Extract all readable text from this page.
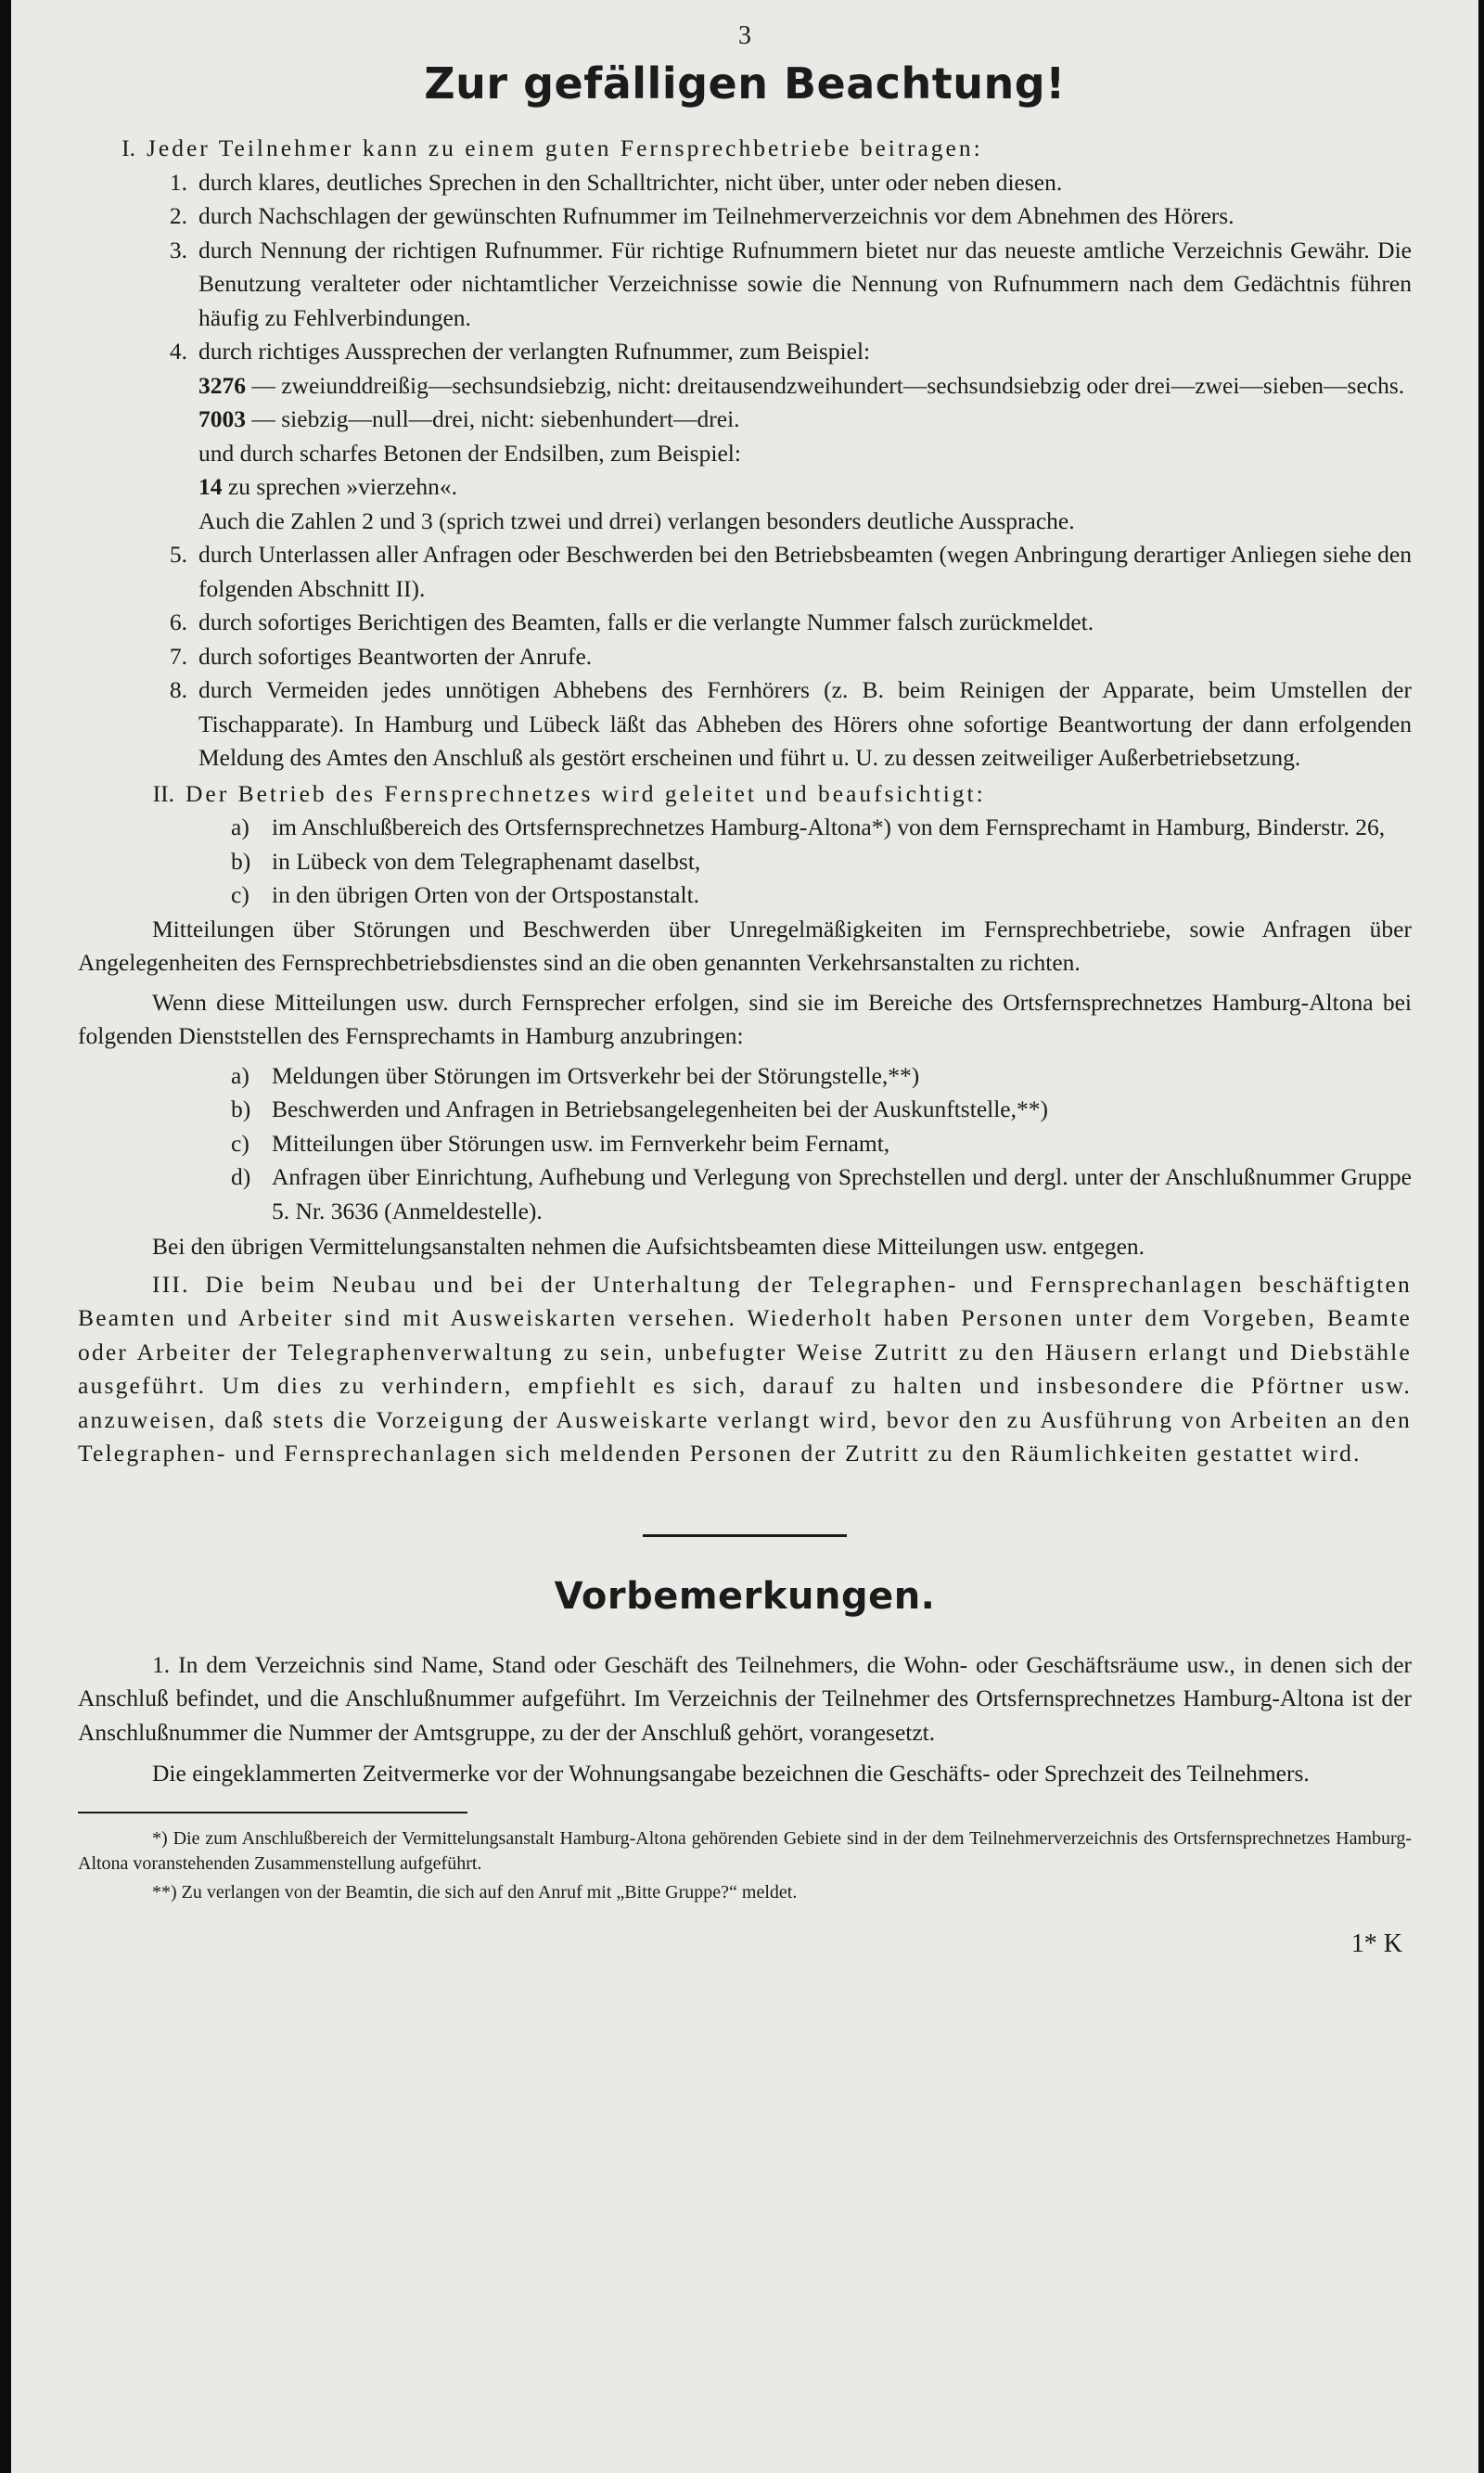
3
Zur gefälligen Beachtung!
I. Jeder Teilnehmer kann zu einem guten Fernsprechbetriebe beitragen:
1. durch klares, deutliches Sprechen in den Schalltrichter, nicht über, unter oder neben diesen.
2. durch Nachschlagen der gewünschten Rufnummer im Teilnehmerverzeichnis vor dem Abnehmen des Hörers.
3. durch Nennung der richtigen Rufnummer. Für richtige Rufnummern bietet nur das neueste amtliche Verzeichnis Gewähr. Die Benutzung veralteter oder nichtamtlicher Verzeichnisse sowie die Nennung von Rufnummern nach dem Gedächtnis führen häufig zu Fehlverbindungen.
4. durch richtiges Aussprechen der verlangten Rufnummer, zum Beispiel:
3276 — zweiunddreißig—sechsundsiebzig, nicht: dreitausendzweihundert—sechsundsiebzig oder drei—zwei—sieben—sechs.
7003 — siebzig—null—drei, nicht: siebenhundert—drei.
und durch scharfes Betonen der Endsilben, zum Beispiel:
14 zu sprechen »vierzehn«.
Auch die Zahlen 2 und 3 (sprich tzwei und drrei) verlangen besonders deutliche Aussprache.
5. durch Unterlassen aller Anfragen oder Beschwerden bei den Betriebsbeamten (wegen Anbringung derartiger Anliegen siehe den folgenden Abschnitt II).
6. durch sofortiges Berichtigen des Beamten, falls er die verlangte Nummer falsch zurückmeldet.
7. durch sofortiges Beantworten der Anrufe.
8. durch Vermeiden jedes unnötigen Abhebens des Fernhörers (z. B. beim Reinigen der Apparate, beim Umstellen der Tischapparate). In Hamburg und Lübeck läßt das Abheben des Hörers ohne sofortige Beantwortung der dann erfolgenden Meldung des Amtes den Anschluß als gestört erscheinen und führt u. U. zu dessen zeitweiliger Außerbetriebsetzung.
II. Der Betrieb des Fernsprechnetzes wird geleitet und beaufsichtigt:
a) im Anschlußbereich des Ortsfernsprechnetzes Hamburg-Altona*) von dem Fernsprechamt in Hamburg, Binderstr. 26,
b) in Lübeck von dem Telegraphenamt daselbst,
c) in den übrigen Orten von der Ortspostanstalt.

Mitteilungen über Störungen und Beschwerden über Unregelmäßigkeiten im Fernsprechbetriebe, sowie Anfragen über Angelegenheiten des Fernsprechbetriebsdienstes sind an die oben genannten Verkehrsanstalten zu richten.

Wenn diese Mitteilungen usw. durch Fernsprecher erfolgen, sind sie im Bereiche des Ortsfernsprechnetzes Hamburg-Altona bei folgenden Dienststellen des Fernsprechamts in Hamburg anzubringen:

a) Meldungen über Störungen im Ortsverkehr bei der Störungstelle,**)
b) Beschwerden und Anfragen in Betriebsangelegenheiten bei der Auskunftstelle,**)
c) Mitteilungen über Störungen usw. im Fernverkehr beim Fernamt,
d) Anfragen über Einrichtung, Aufhebung und Verlegung von Sprechstellen und dergl. unter der Anschlußnummer Gruppe 5. Nr. 3636 (Anmeldestelle).

Bei den übrigen Vermittelungsanstalten nehmen die Aufsichtsbeamten diese Mitteilungen usw. entgegen.

III. Die beim Neubau und bei der Unterhaltung der Telegraphen- und Fernsprechanlagen beschäftigten Beamten und Arbeiter sind mit Ausweiskarten versehen. Wiederholt haben Personen unter dem Vorgeben, Beamte oder Arbeiter der Telegraphenverwaltung zu sein, unbefugter Weise Zutritt zu den Häusern erlangt und Diebstähle ausgeführt. Um dies zu verhindern, empfiehlt es sich, darauf zu halten und insbesondere die Pförtner usw. anzuweisen, daß stets die Vorzeigung der Ausweiskarte verlangt wird, bevor den zu Ausführung von Arbeiten an den Telegraphen- und Fernsprechanlagen sich meldenden Personen der Zutritt zu den Räumlichkeiten gestattet wird.

Vorbemerkungen.

1. In dem Verzeichnis sind Name, Stand oder Geschäft des Teilnehmers, die Wohn- oder Geschäftsräume usw., in denen sich der Anschluß befindet, und die Anschlußnummer aufgeführt. Im Verzeichnis der Teilnehmer des Ortsfernsprechnetzes Hamburg-Altona ist der Anschlußnummer die Nummer der Amtsgruppe, zu der der Anschluß gehört, vorangesetzt.

Die eingeklammerten Zeitvermerke vor der Wohnungsangabe bezeichnen die Geschäfts- oder Sprechzeit des Teilnehmers.

*) Die zum Anschlußbereich der Vermittelungsanstalt Hamburg-Altona gehörenden Gebiete sind in der dem Teilnehmerverzeichnis des Ortsfernsprechnetzes Hamburg-Altona voranstehenden Zusammenstellung aufgeführt.

**) Zu verlangen von der Beamtin, die sich auf den Anruf mit „Bitte Gruppe?“ meldet.

1* K
